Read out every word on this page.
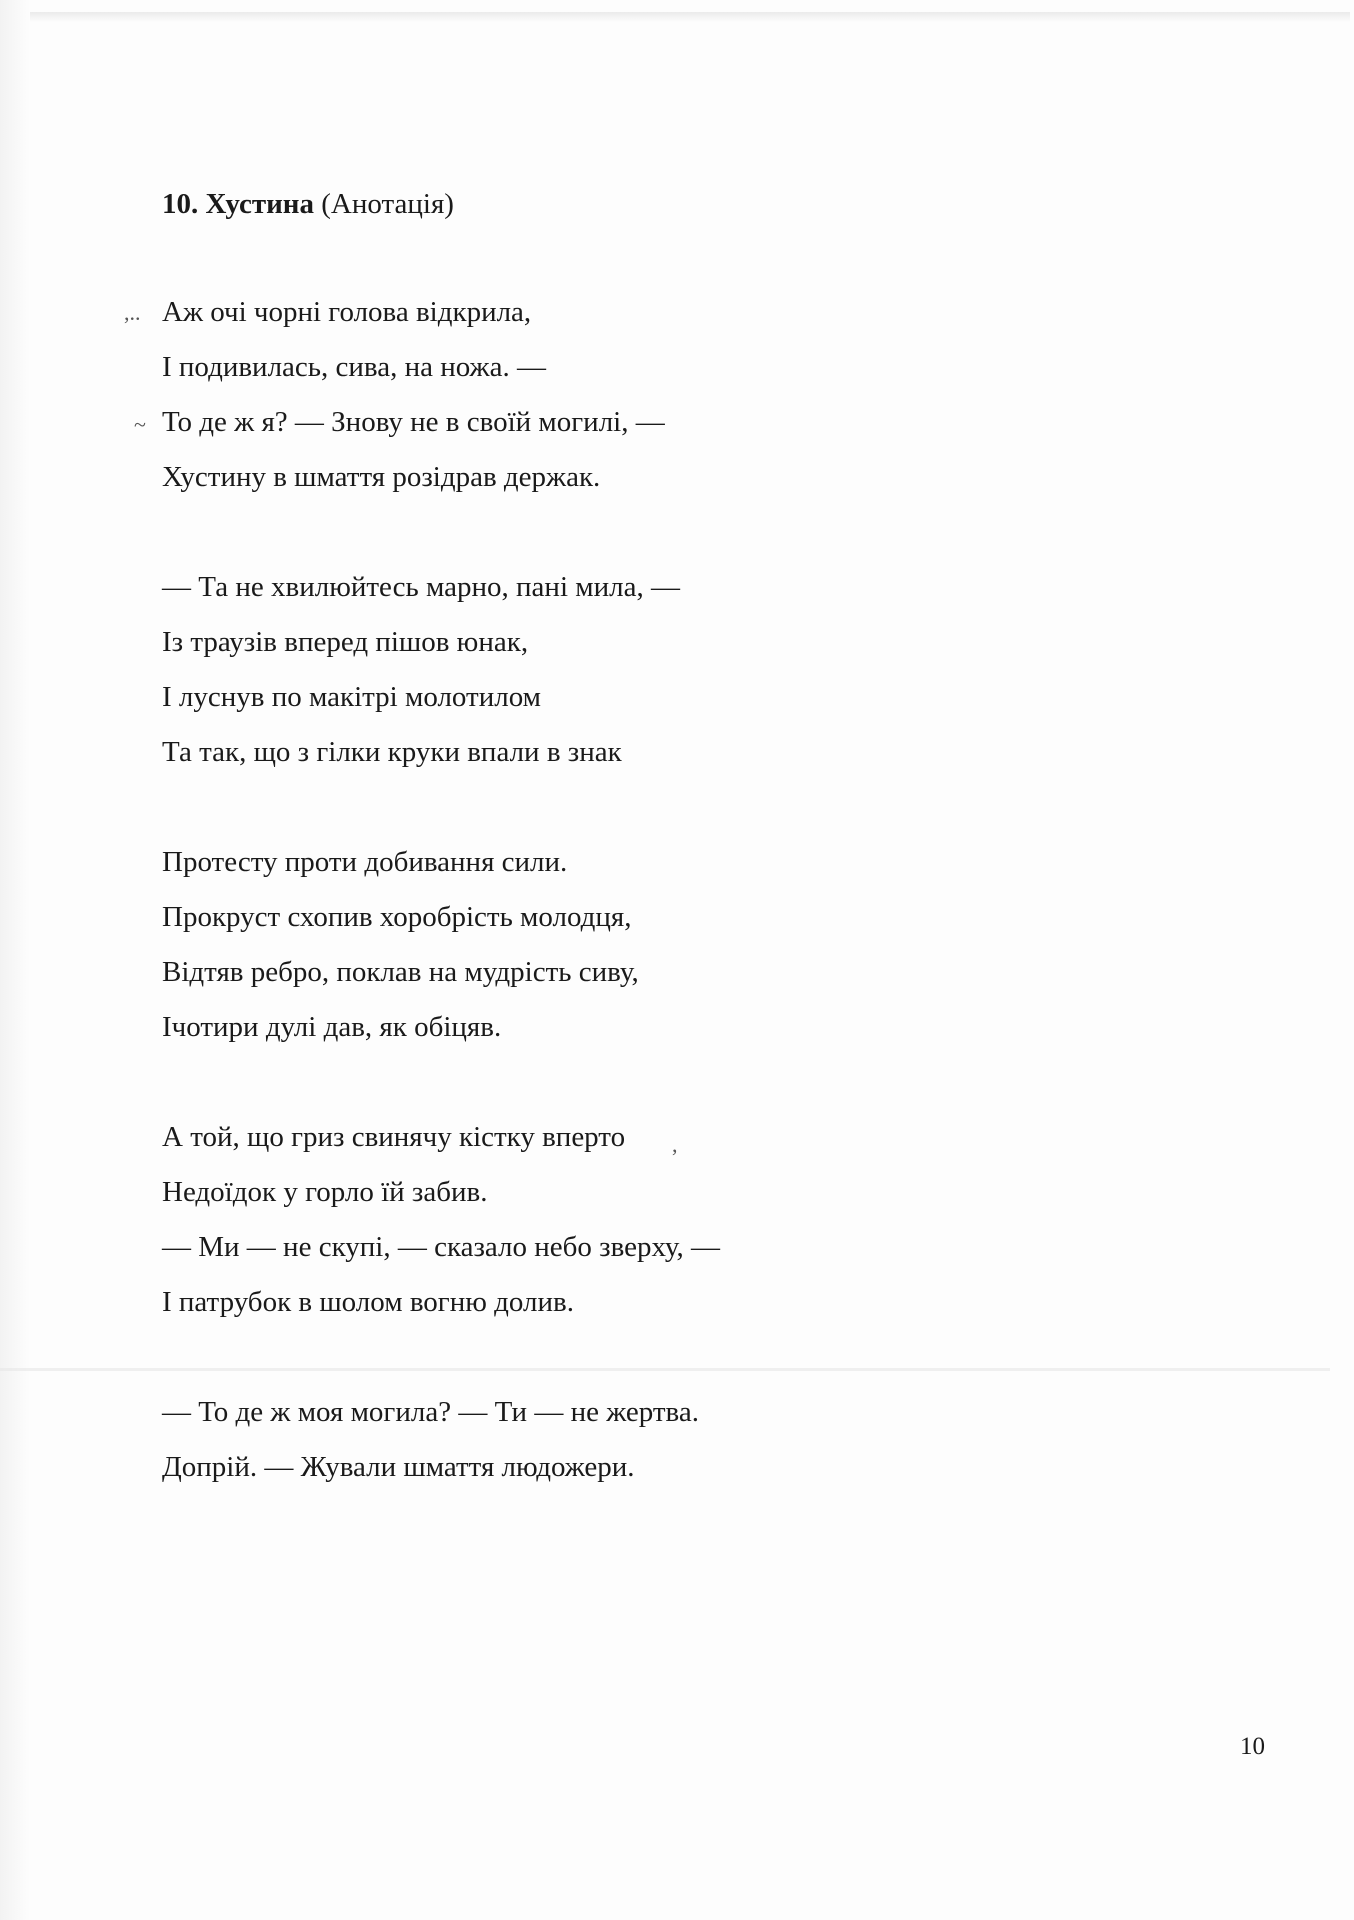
10. Хустина (Анотація)
,..
~
,
Аж очі чорні голова відкрила,
І подивилась, сива, на ножа. —
То де ж я? — Знову не в своїй могилі, —
Хустину в шмаття розідрав держак.
— Та не хвилюйтесь марно, пані мила, —
Із траузів вперед пішов юнак,
І луснув по макітрі молотилом
Та так, що з гілки круки впали в знак
Протесту проти добивання сили.
Прокруст схопив хоробрість молодця,
Відтяв ребро, поклав на мудрість сиву,
Ічотири дулі дав, як обіцяв.
А той, що гриз свинячу кістку вперто
Недоїдок у горло їй забив.
— Ми — не скупі, — сказало небо зверху, —
І патрубок в шолом вогню долив.
— То де ж моя могила? — Ти — не жертва.
Допрій. — Жували шмаття людожери.
10
